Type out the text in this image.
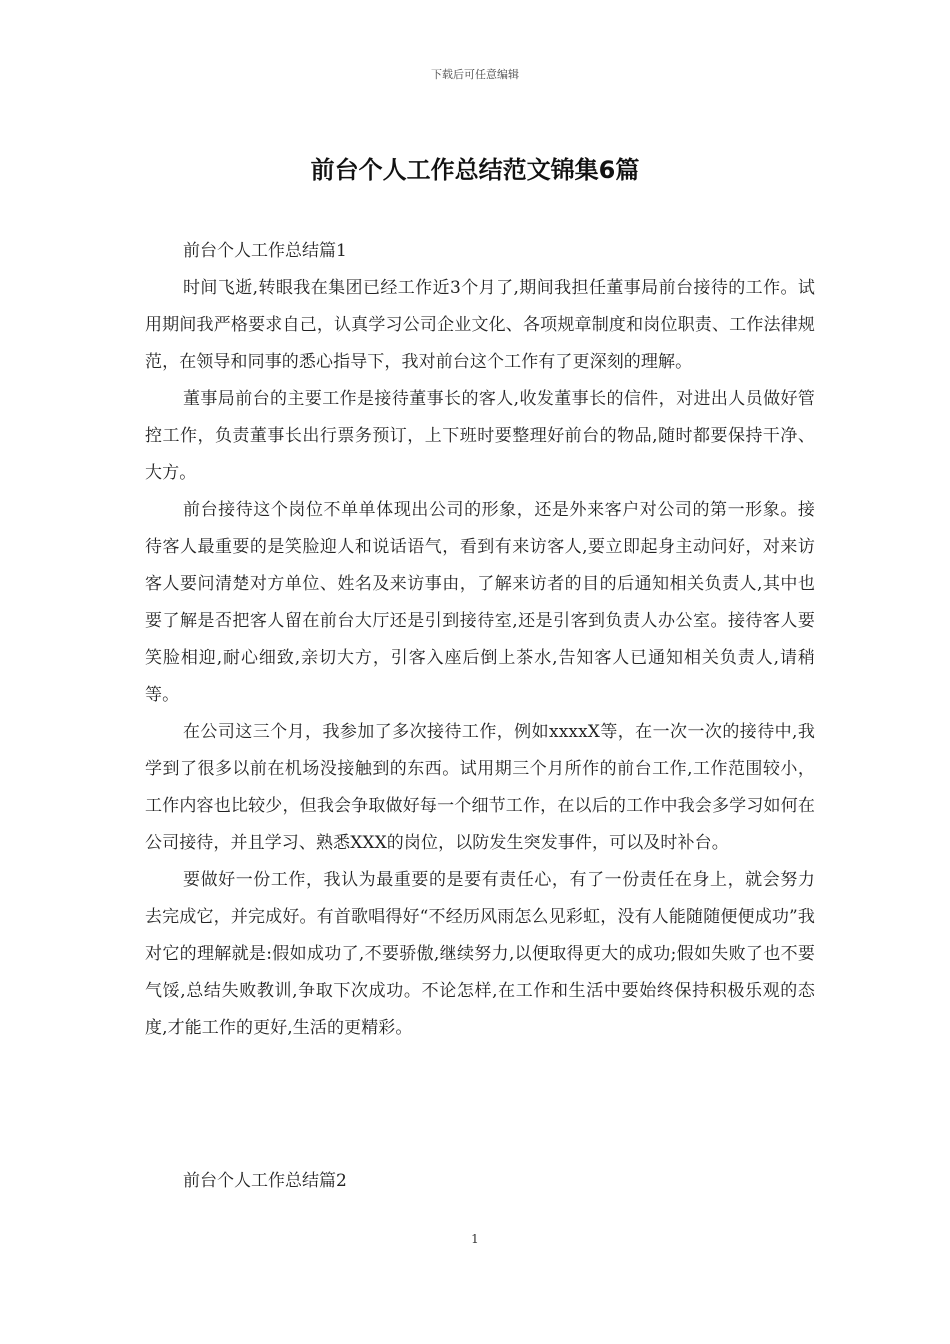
下载后可任意编辑
前台个人工作总结范文锦集6篇

前台个人工作总结篇1

时间飞逝,转眼我在集团已经工作近3个月了,期间我担任董事局前台接待的工作。试用期间我严格要求自己，认真学习公司企业文化、各项规章制度和岗位职责、工作法律规范，在领导和同事的悉心指导下，我对前台这个工作有了更深刻的理解。

董事局前台的主要工作是接待董事长的客人,收发董事长的信件，对进出人员做好管控工作，负责董事长出行票务预订，上下班时要整理好前台的物品,随时都要保持干净、大方。

前台接待这个岗位不单单体现出公司的形象，还是外来客户对公司的第一形象。接待客人最重要的是笑脸迎人和说话语气，看到有来访客人,要立即起身主动问好，对来访客人要问清楚对方单位、姓名及来访事由，了解来访者的目的后通知相关负责人,其中也要了解是否把客人留在前台大厅还是引到接待室,还是引客到负责人办公室。接待客人要笑脸相迎,耐心细致,亲切大方，引客入座后倒上茶水,告知客人已通知相关负责人,请稍等。

在公司这三个月，我参加了多次接待工作，例如xxxxX等，在一次一次的接待中,我学到了很多以前在机场没接触到的东西。试用期三个月所作的前台工作,工作范围较小，工作内容也比较少，但我会争取做好每一个细节工作，在以后的工作中我会多学习如何在公司接待，并且学习、熟悉XXX的岗位，以防发生突发事件，可以及时补台。

要做好一份工作，我认为最重要的是要有责任心，有了一份责任在身上，就会努力去完成它，并完成好。有首歌唱得好“不经历风雨怎么见彩虹，没有人能随随便便成功”我对它的理解就是:假如成功了,不要骄傲,继续努力,以便取得更大的成功;假如失败了也不要气馁,总结失败教训,争取下次成功。不论怎样,在工作和生活中要始终保持积极乐观的态度,才能工作的更好,生活的更精彩。

前台个人工作总结篇2

1
